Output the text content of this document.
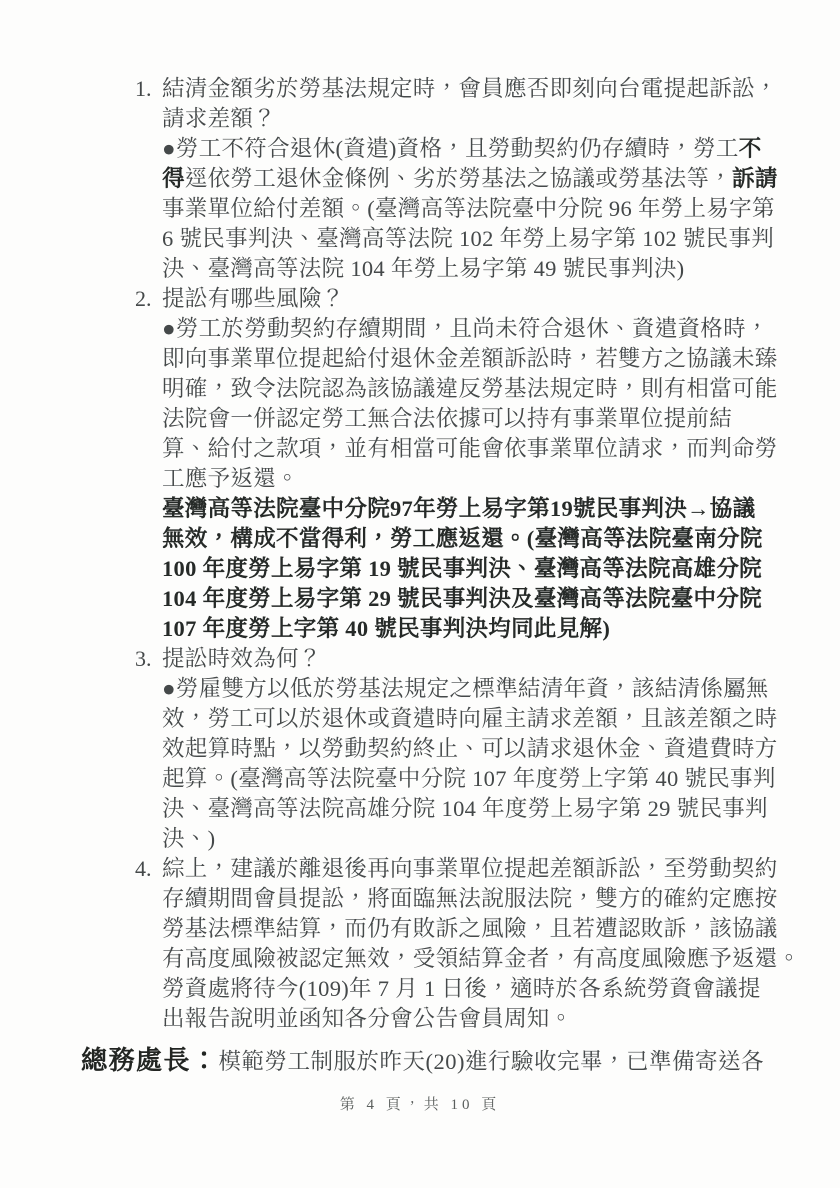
1. 結清金額劣於勞基法規定時，會員應否即刻向台電提起訴訟，
請求差額？
●勞工不符合退休(資遣)資格，且勞動契約仍存續時，勞工不
得逕依勞工退休金條例、劣於勞基法之協議或勞基法等，訴請
事業單位給付差額。(臺灣高等法院臺中分院 96 年勞上易字第
6 號民事判決、臺灣高等法院 102 年勞上易字第 102 號民事判
決、臺灣高等法院 104 年勞上易字第 49 號民事判決)
2. 提訟有哪些風險？
●勞工於勞動契約存續期間，且尚未符合退休、資遣資格時，
即向事業單位提起給付退休金差額訴訟時，若雙方之協議未臻
明確，致令法院認為該協議違反勞基法規定時，則有相當可能
法院會一併認定勞工無合法依據可以持有事業單位提前結
算、給付之款項，並有相當可能會依事業單位請求，而判命勞
工應予返還。
臺灣高等法院臺中分院97年勞上易字第19號民事判決→協議
無效，構成不當得利，勞工應返還。(臺灣高等法院臺南分院
100 年度勞上易字第 19 號民事判決、臺灣高等法院高雄分院
104 年度勞上易字第 29 號民事判決及臺灣高等法院臺中分院
107 年度勞上字第 40 號民事判決均同此見解)
3. 提訟時效為何？
●勞雇雙方以低於勞基法規定之標準結清年資，該結清係屬無
效，勞工可以於退休或資遣時向雇主請求差額，且該差額之時
效起算時點，以勞動契約終止、可以請求退休金、資遣費時方
起算。(臺灣高等法院臺中分院 107 年度勞上字第 40 號民事判
決、臺灣高等法院高雄分院 104 年度勞上易字第 29 號民事判
決、)
4. 綜上，建議於離退後再向事業單位提起差額訴訟，至勞動契約
存續期間會員提訟，將面臨無法說服法院，雙方的確約定應按
勞基法標準結算，而仍有敗訴之風險，且若遭認敗訴，該協議
有高度風險被認定無效，受領結算金者，有高度風險應予返還。
勞資處將待今(109)年 7 月 1 日後，適時於各系統勞資會議提
出報告說明並函知各分會公告會員周知。
總務處長：模範勞工制服於昨天(20)進行驗收完畢，已準備寄送各
第 4 頁，共 10 頁
